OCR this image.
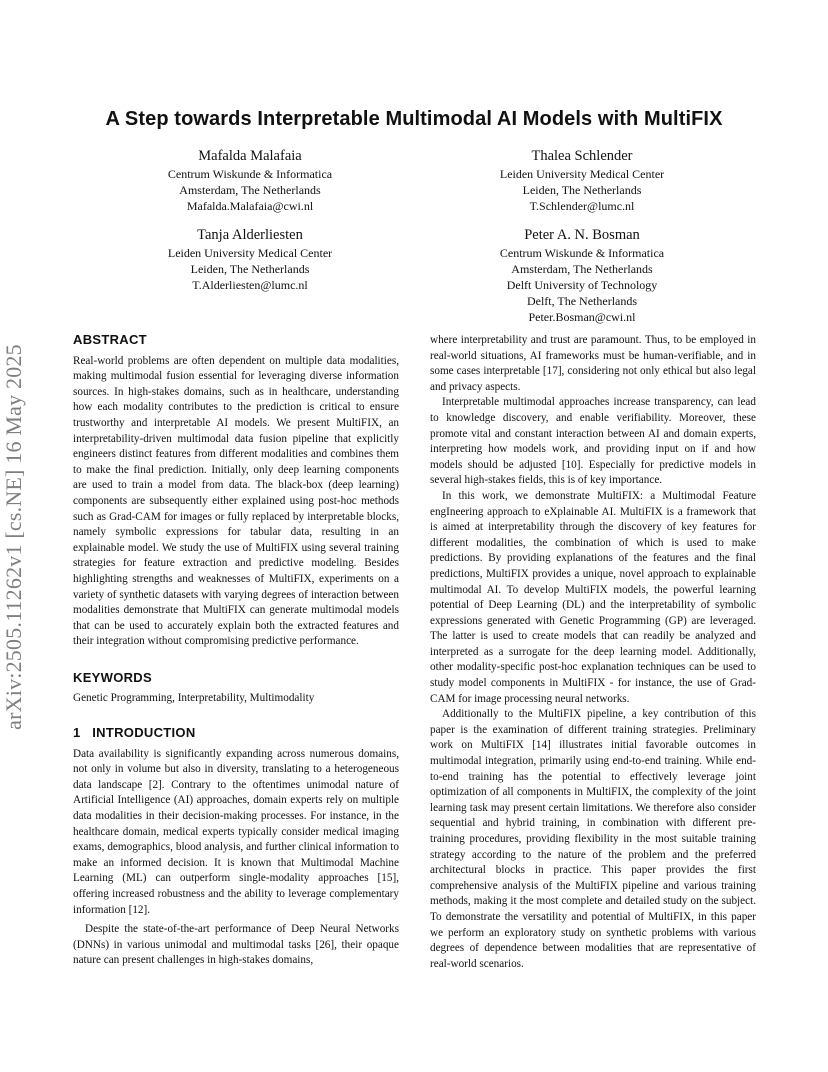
arXiv:2505.11262v1 [cs.NE] 16 May 2025
A Step towards Interpretable Multimodal AI Models with MultiFIX
Mafalda Malafaia
Centrum Wiskunde & Informatica
Amsterdam, The Netherlands
Mafalda.Malafaia@cwi.nl
Thalea Schlender
Leiden University Medical Center
Leiden, The Netherlands
T.Schlender@lumc.nl
Tanja Alderliesten
Leiden University Medical Center
Leiden, The Netherlands
T.Alderliesten@lumc.nl
Peter A. N. Bosman
Centrum Wiskunde & Informatica
Amsterdam, The Netherlands
Delft University of Technology
Delft, The Netherlands
Peter.Bosman@cwi.nl
ABSTRACT

Real-world problems are often dependent on multiple data modalities, making multimodal fusion essential for leveraging diverse information sources. In high-stakes domains, such as in healthcare, understanding how each modality contributes to the prediction is critical to ensure trustworthy and interpretable AI models. We present MultiFIX, an interpretability-driven multimodal data fusion pipeline that explicitly engineers distinct features from different modalities and combines them to make the final prediction. Initially, only deep learning components are used to train a model from data. The black-box (deep learning) components are subsequently either explained using post-hoc methods such as Grad-CAM for images or fully replaced by interpretable blocks, namely symbolic expressions for tabular data, resulting in an explainable model. We study the use of MultiFIX using several training strategies for feature extraction and predictive modeling. Besides highlighting strengths and weaknesses of MultiFIX, experiments on a variety of synthetic datasets with varying degrees of interaction between modalities demonstrate that MultiFIX can generate multimodal models that can be used to accurately explain both the extracted features and their integration without compromising predictive performance.

KEYWORDS

Genetic Programming, Interpretability, Multimodality

1   INTRODUCTION

Data availability is significantly expanding across numerous domains, not only in volume but also in diversity, translating to a heterogeneous data landscape [2]. Contrary to the oftentimes unimodal nature of Artificial Intelligence (AI) approaches, domain experts rely on multiple data modalities in their decision-making processes. For instance, in the healthcare domain, medical experts typically consider medical imaging exams, demographics, blood analysis, and further clinical information to make an informed decision. It is known that Multimodal Machine Learning (ML) can outperform single-modality approaches [15], offering increased robustness and the ability to leverage complementary information [12].

Despite the state-of-the-art performance of Deep Neural Networks (DNNs) in various unimodal and multimodal tasks [26], their opaque nature can present challenges in high-stakes domains,

where interpretability and trust are paramount. Thus, to be employed in real-world situations, AI frameworks must be human-verifiable, and in some cases interpretable [17], considering not only ethical but also legal and privacy aspects.

Interpretable multimodal approaches increase transparency, can lead to knowledge discovery, and enable verifiability. Moreover, these promote vital and constant interaction between AI and domain experts, interpreting how models work, and providing input on if and how models should be adjusted [10]. Especially for predictive models in several high-stakes fields, this is of key importance.

In this work, we demonstrate MultiFIX: a Multimodal Feature engIneering approach to eXplainable AI. MultiFIX is a framework that is aimed at interpretability through the discovery of key features for different modalities, the combination of which is used to make predictions. By providing explanations of the features and the final predictions, MultiFIX provides a unique, novel approach to explainable multimodal AI. To develop MultiFIX models, the powerful learning potential of Deep Learning (DL) and the interpretability of symbolic expressions generated with Genetic Programming (GP) are leveraged. The latter is used to create models that can readily be analyzed and interpreted as a surrogate for the deep learning model. Additionally, other modality-specific post-hoc explanation techniques can be used to study model components in MultiFIX - for instance, the use of Grad-CAM for image processing neural networks.

Additionally to the MultiFIX pipeline, a key contribution of this paper is the examination of different training strategies. Preliminary work on MultiFIX [14] illustrates initial favorable outcomes in multimodal integration, primarily using end-to-end training. While end-to-end training has the potential to effectively leverage joint optimization of all components in MultiFIX, the complexity of the joint learning task may present certain limitations. We therefore also consider sequential and hybrid training, in combination with different pre-training procedures, providing flexibility in the most suitable training strategy according to the nature of the problem and the preferred architectural blocks in practice. This paper provides the first comprehensive analysis of the MultiFIX pipeline and various training methods, making it the most complete and detailed study on the subject. To demonstrate the versatility and potential of MultiFIX, in this paper we perform an exploratory study on synthetic problems with various degrees of dependence between modalities that are representative of real-world scenarios.
